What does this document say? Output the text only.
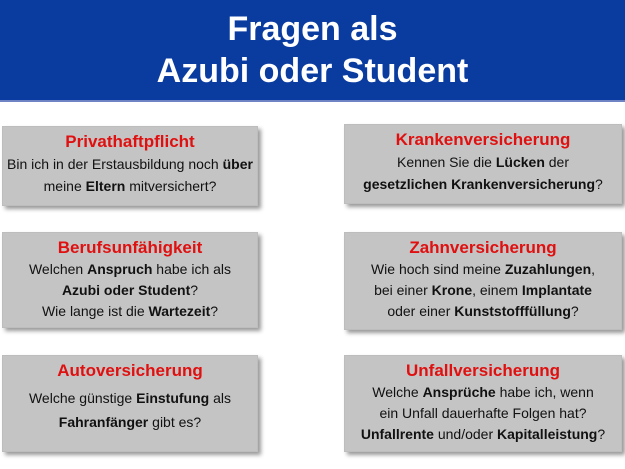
Fragen als
Azubi oder Student
Privathaftpflicht
Bin ich in der Erstausbildung noch über
meine Eltern mitversichert?
Krankenversicherung
Kennen Sie die Lücken der
gesetzlichen Krankenversicherung?
Berufsunfähigkeit
Welchen Anspruch habe ich als
Azubi oder Student?
Wie lange ist die Wartezeit?
Zahnversicherung
Wie hoch sind meine Zuzahlungen,
bei einer Krone, einem Implantate
oder einer Kunststofffüllung?
Autoversicherung
Welche günstige Einstufung als
Fahranfänger gibt es?
Unfallversicherung
Welche Ansprüche habe ich, wenn
ein Unfall dauerhafte Folgen hat?
Unfallrente und/oder Kapitalleistung?
